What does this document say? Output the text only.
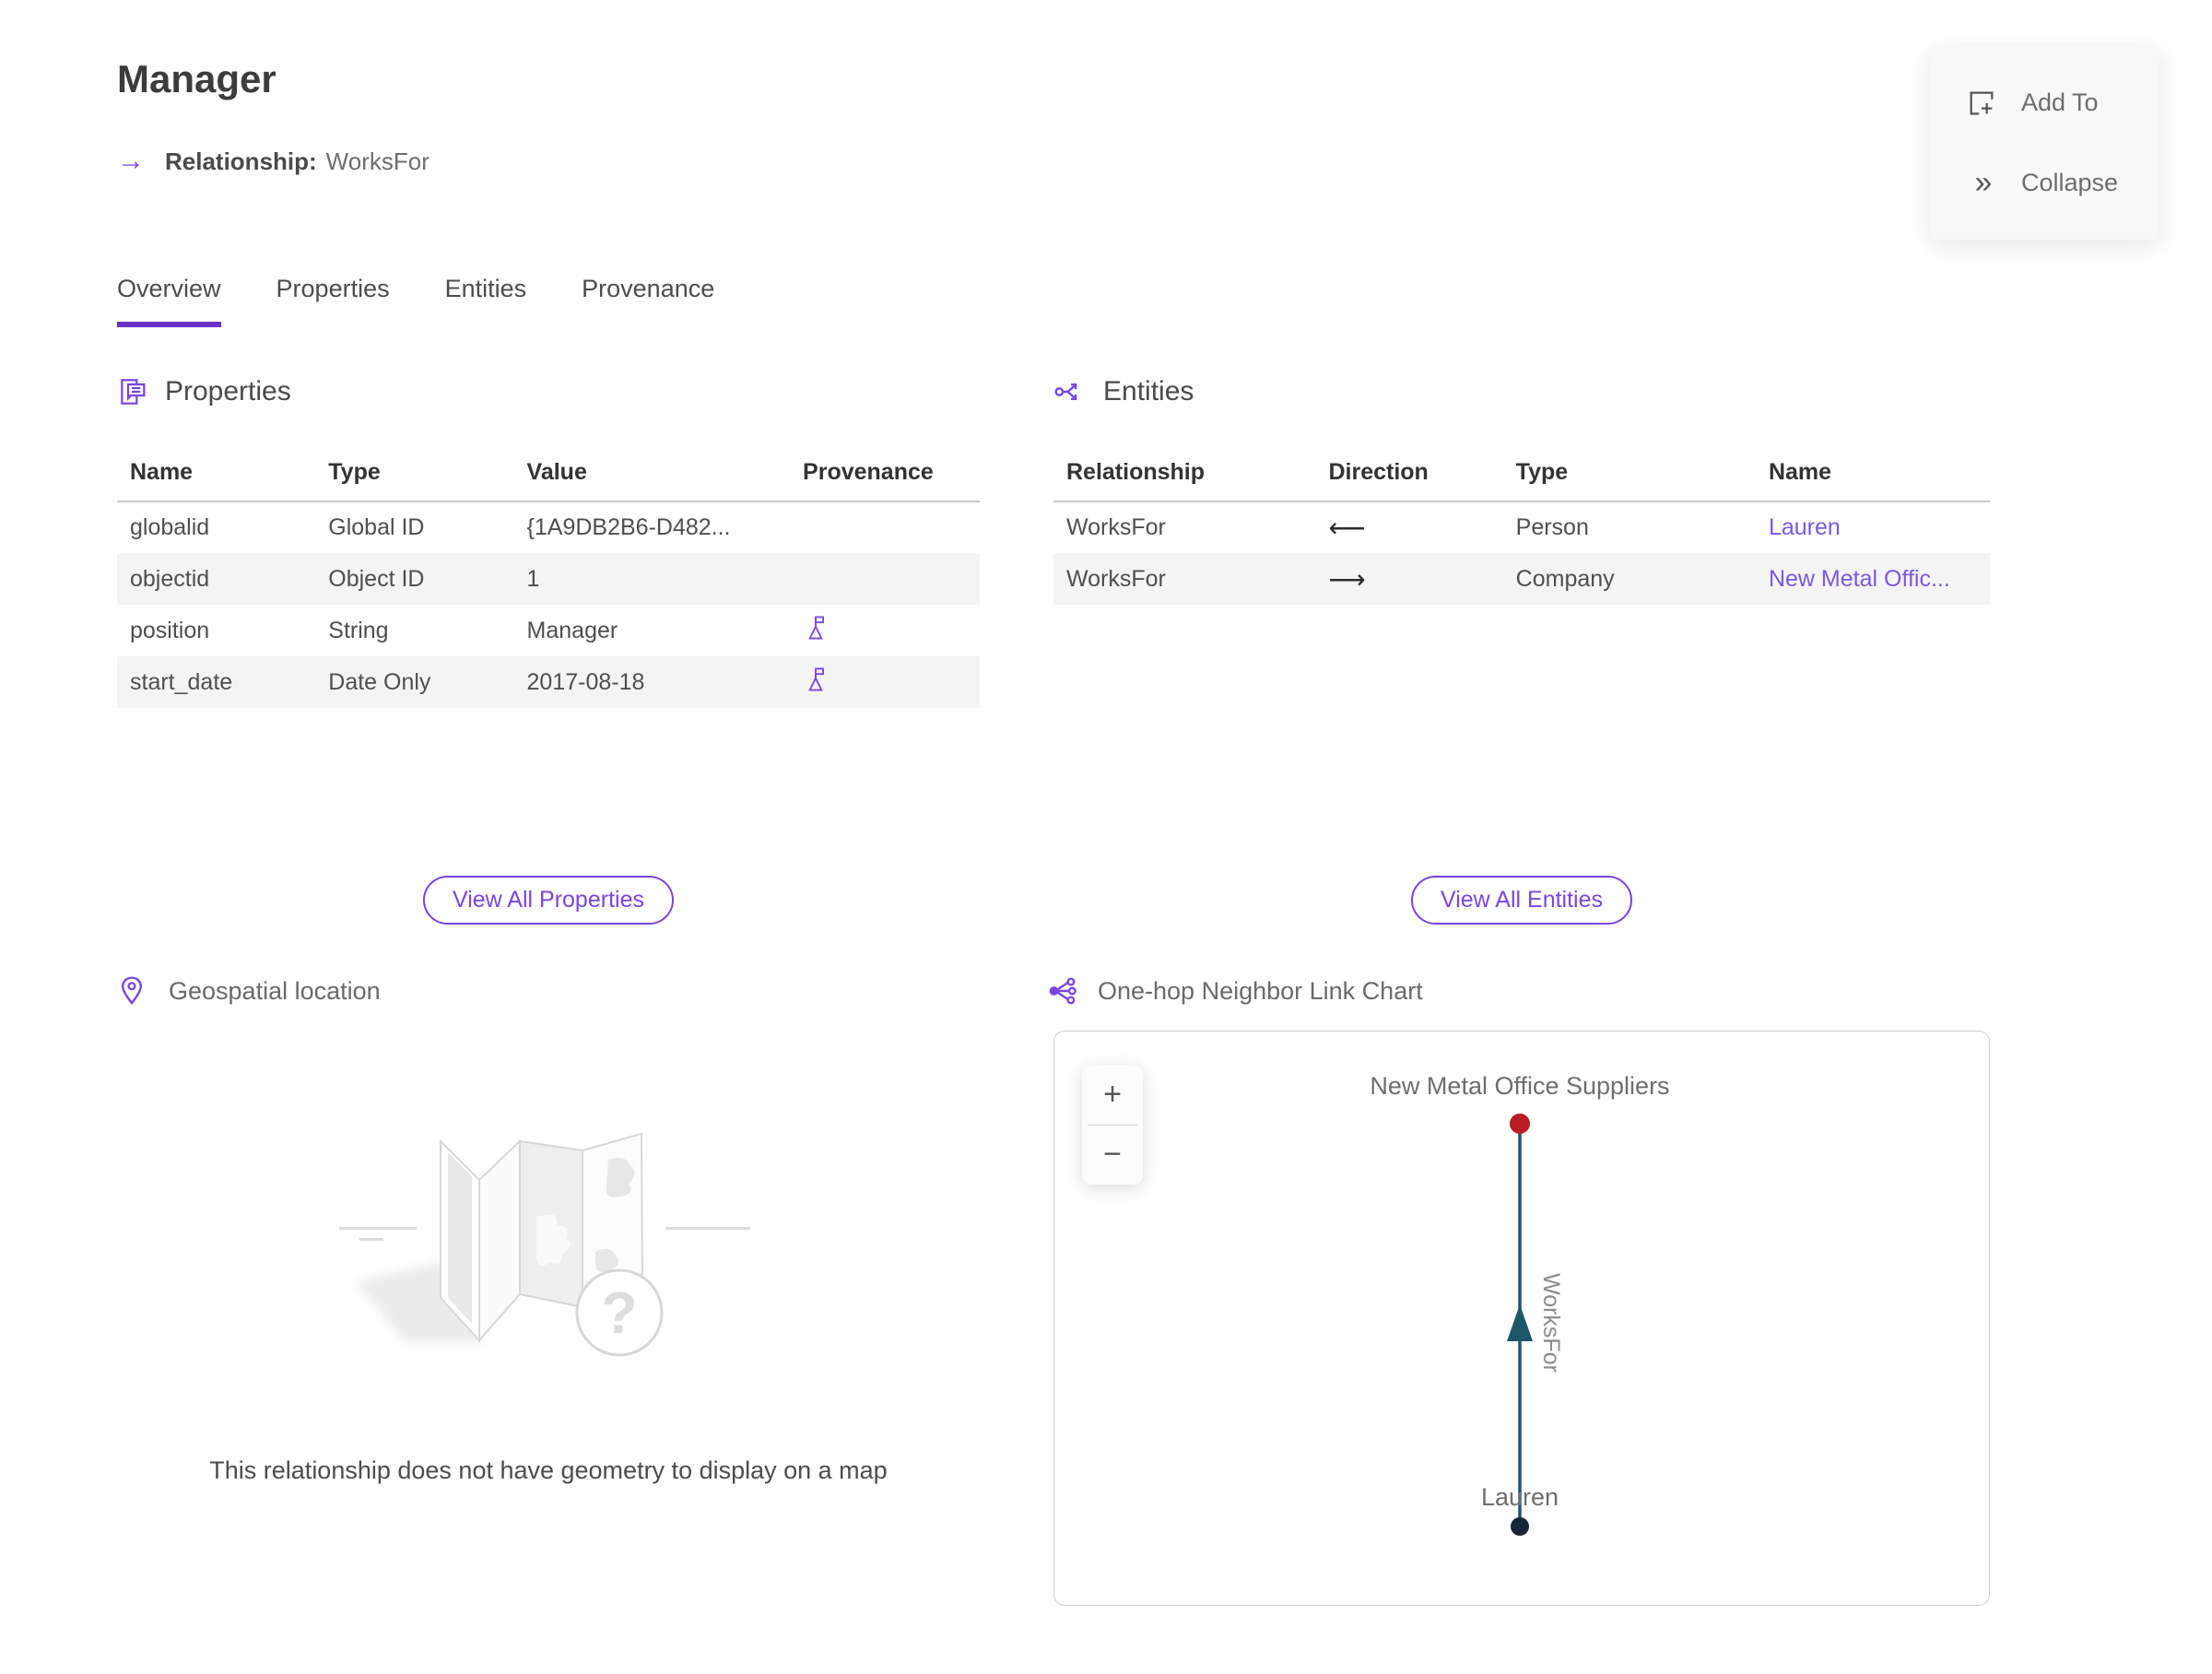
Manager
→ Relationship: WorksFor
Add To
»	Collapse
Overview Properties Entities Provenance
Properties
Name	Type	Value	Provenance
globalid	Global ID	{1A9DB2B6-D482...	
objectid	Object ID	1	
position	String	Manager	
start_date	Date Only	2017-08-18	
View All Properties
Entities
Relationship	Direction	Type	Name
WorksFor	⟵	Person	Lauren
WorksFor	⟶	Company	New Metal Offic...
View All Entities
Geospatial location
?
This relationship does not have geometry to display on a map
One-hop Neighbor Link Chart
WorksFor
New Metal Office Suppliers
Lauren
+
−
